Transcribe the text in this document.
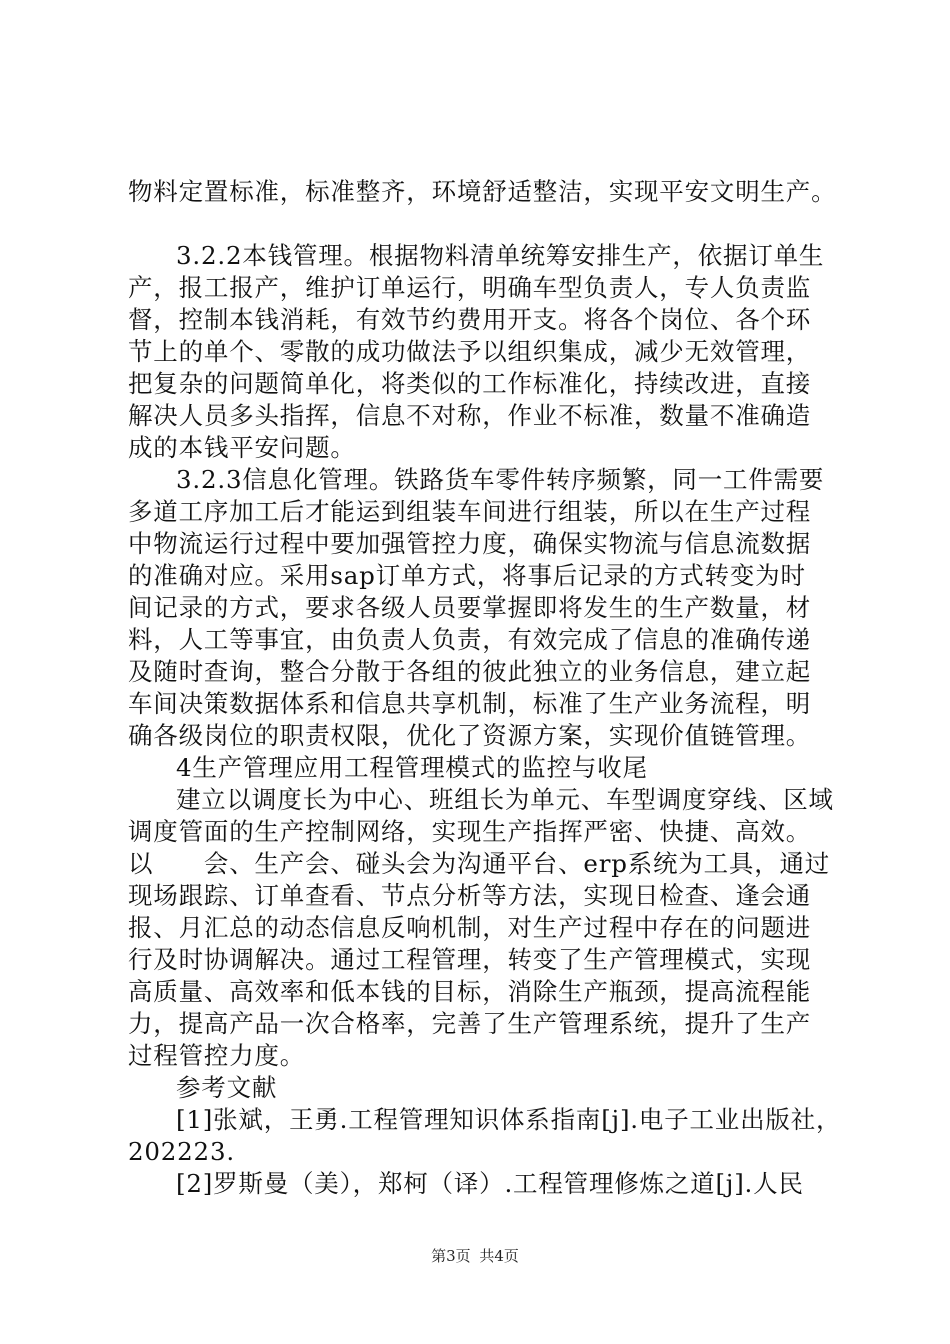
物料定置标准，标准整齐，环境舒适整洁，实现平安文明生产。
3.2.2本钱管理。根据物料清单统筹安排生产，依据订单生
产，报工报产，维护订单运行，明确车型负责人，专人负责监
督，控制本钱消耗，有效节约费用开支。将各个岗位、各个环
节上的单个、零散的成功做法予以组织集成，减少无效管理，
把复杂的问题简单化，将类似的工作标准化，持续改进，直接
解决人员多头指挥，信息不对称，作业不标准，数量不准确造
成的本钱平安问题。
3.2.3信息化管理。铁路货车零件转序频繁，同一工件需要
多道工序加工后才能运到组装车间进行组装，所以在生产过程
中物流运行过程中要加强管控力度，确保实物流与信息流数据
的准确对应。采用sap订单方式，将事后记录的方式转变为时
间记录的方式，要求各级人员要掌握即将发生的生产数量，材
料，人工等事宜，由负责人负责，有效完成了信息的准确传递
及随时查询，整合分散于各组的彼此独立的业务信息，建立起
车间决策数据体系和信息共享机制，标准了生产业务流程，明
确各级岗位的职责权限，优化了资源方案，实现价值链管理。
4生产管理应用工程管理模式的监控与收尾
建立以调度长为中心、班组长为单元、车型调度穿线、区域
调度管面的生产控制网络，实现生产指挥严密、快捷、高效。
以　　会、生产会、碰头会为沟通平台、erp系统为工具，通过
现场跟踪、订单查看、节点分析等方法，实现日检查、逢会通
报、月汇总的动态信息反响机制，对生产过程中存在的问题进
行及时协调解决。通过工程管理，转变了生产管理模式，实现
高质量、高效率和低本钱的目标，消除生产瓶颈，提高流程能
力，提高产品一次合格率，完善了生产管理系统，提升了生产
过程管控力度。
参考文献
[1]张斌，王勇.工程管理知识体系指南[j].电子工业出版社，
202223.
[2]罗斯曼（美），郑柯（译）.工程管理修炼之道[j].人民
第3页 共4页
